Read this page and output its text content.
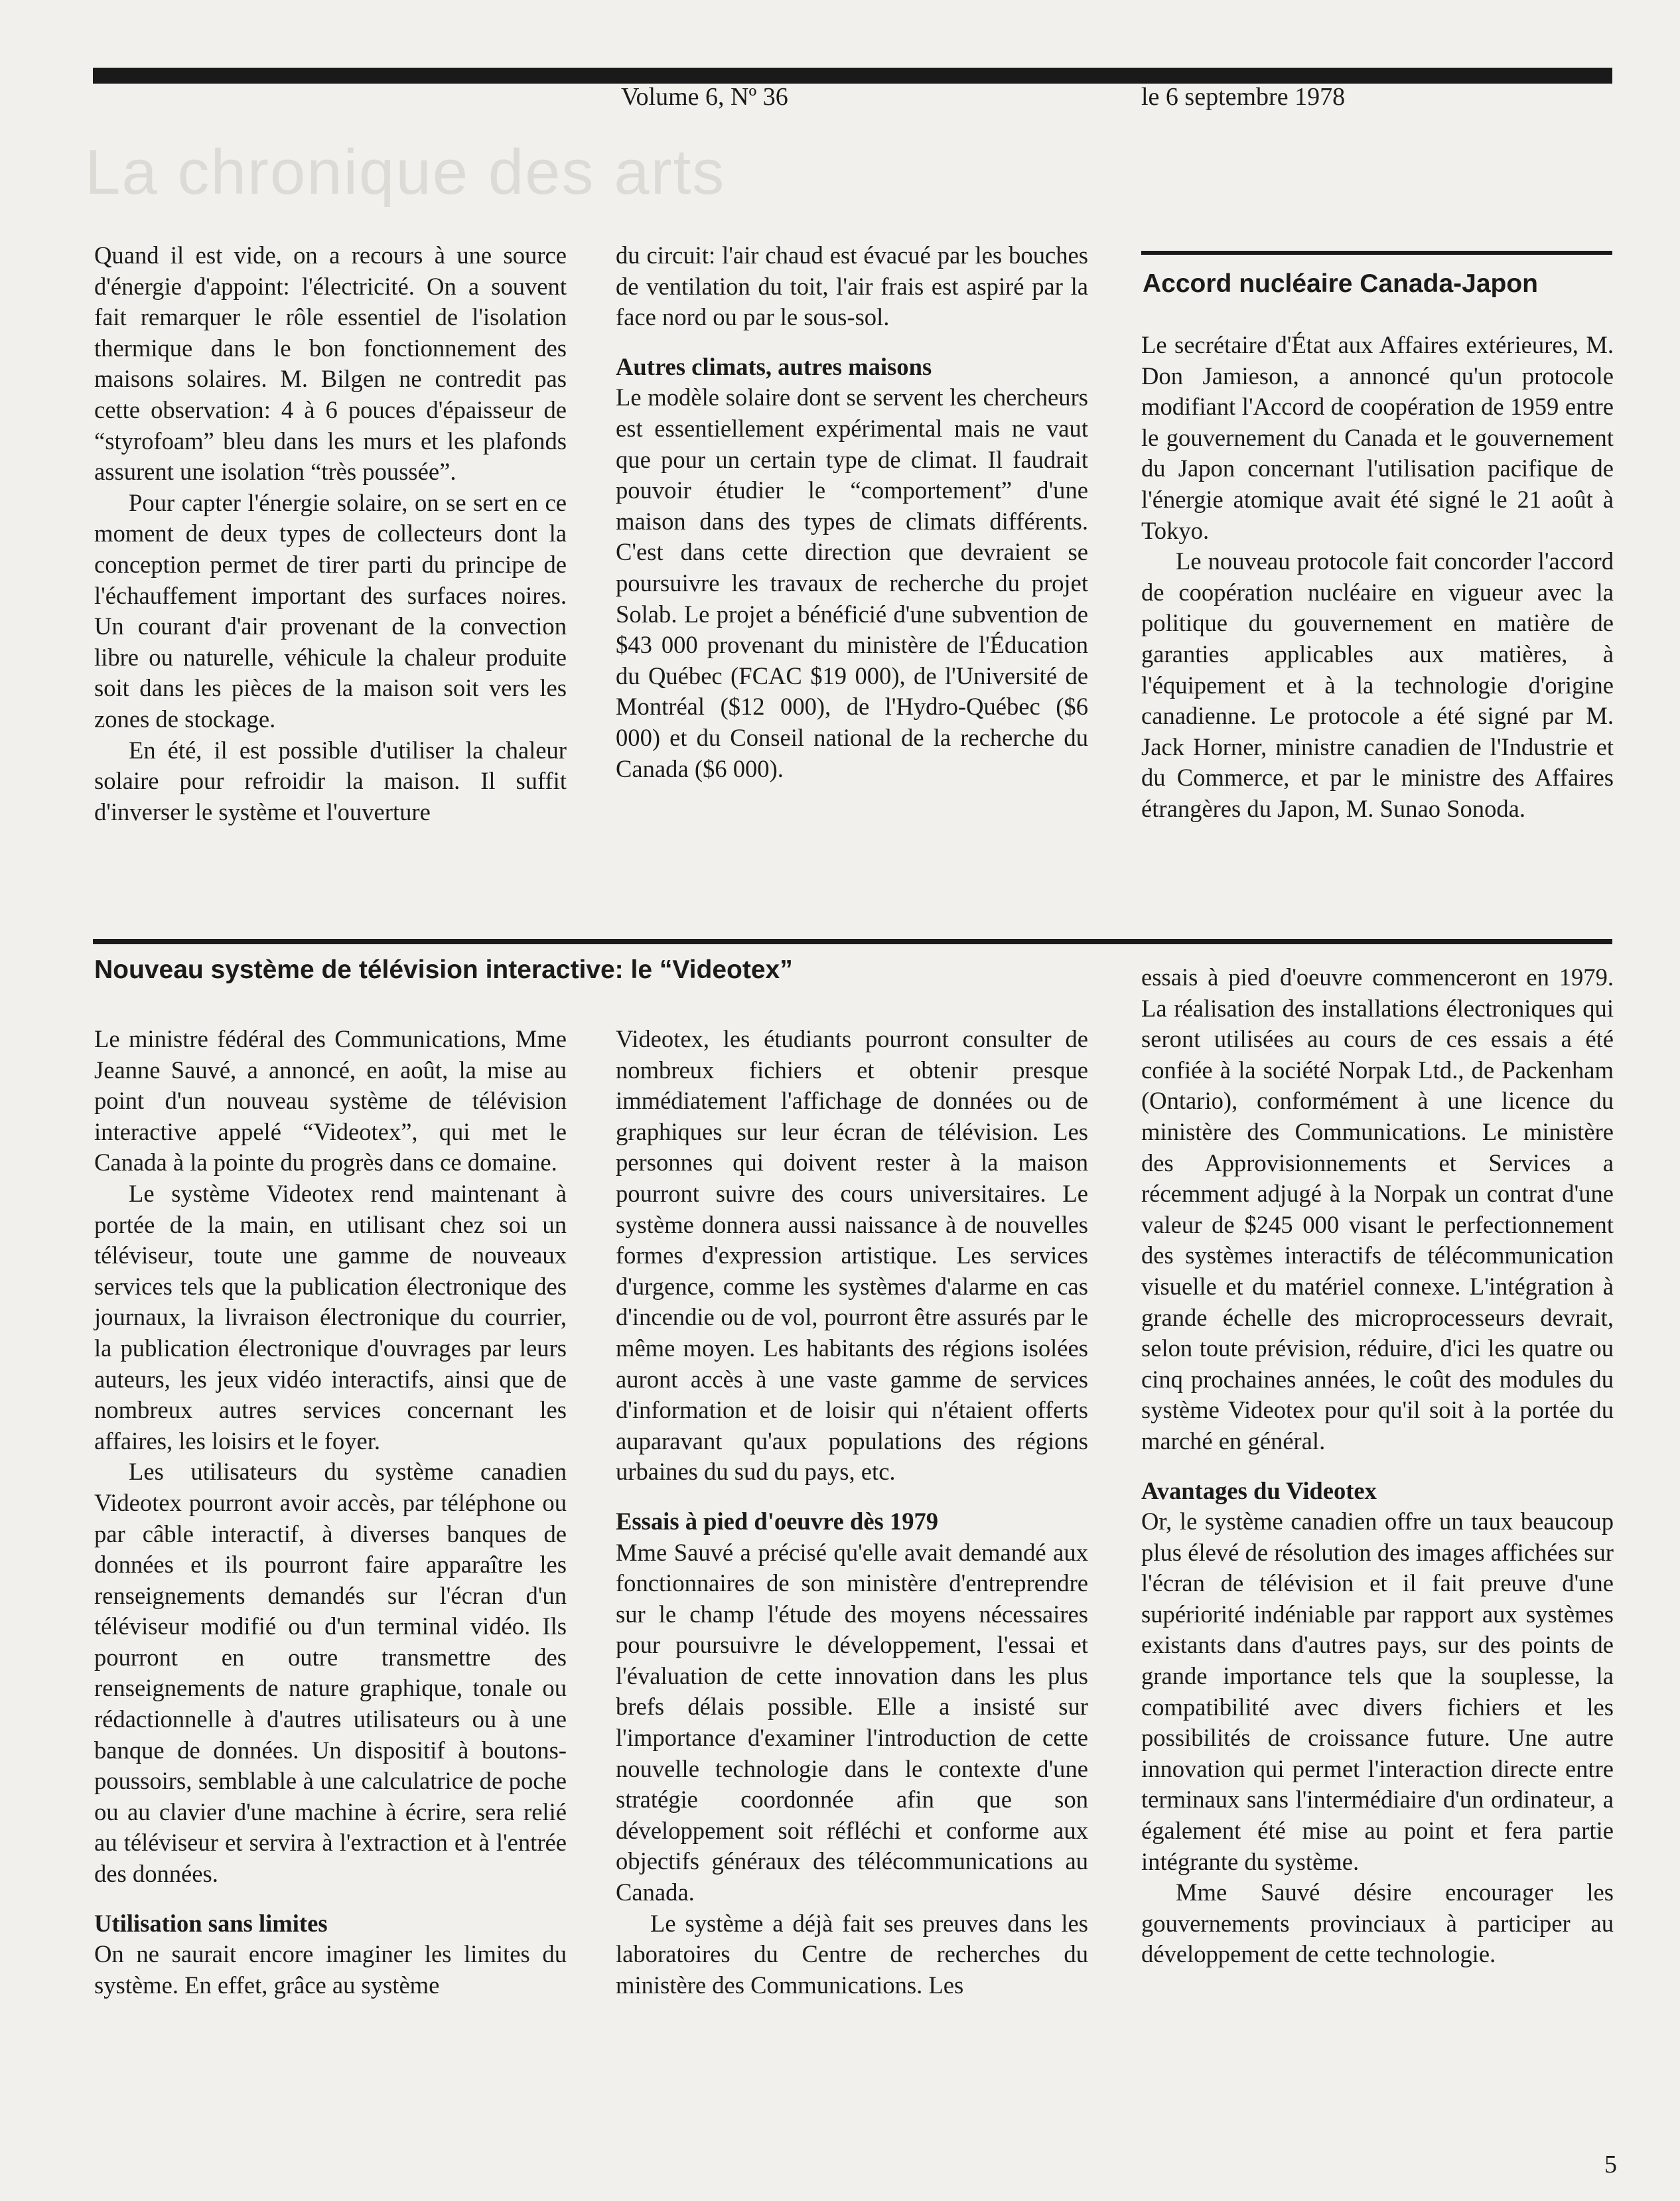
La chronique des arts
Volume 6, Nº 36	le 6 septembre 1978

Quand il est vide, on a recours à une source d'énergie d'appoint: l'électricité. On a souvent fait remarquer le rôle essentiel de l'isolation thermique dans le bon fonctionnement des maisons solaires. M. Bilgen ne contredit pas cette observation: 4 à 6 pouces d'épaisseur de “styrofoam” bleu dans les murs et les plafonds assurent une isolation “très poussée”.

Pour capter l'énergie solaire, on se sert en ce moment de deux types de collecteurs dont la conception permet de tirer parti du principe de l'échauffement important des surfaces noires. Un courant d'air provenant de la convection libre ou naturelle, véhicule la chaleur produite soit dans les pièces de la maison soit vers les zones de stockage.

En été, il est possible d'utiliser la chaleur solaire pour refroidir la maison. Il suffit d'inverser le système et l'ouverture

du circuit: l'air chaud est évacué par les bouches de ventilation du toit, l'air frais est aspiré par la face nord ou par le sous-sol.

Autres climats, autres maisons

Le modèle solaire dont se servent les chercheurs est essentiellement expérimental mais ne vaut que pour un certain type de climat. Il faudrait pouvoir étudier le “comportement” d'une maison dans des types de climats différents. C'est dans cette direction que devraient se poursuivre les travaux de recherche du projet Solab. Le projet a bénéficié d'une subvention de $43 000 provenant du ministère de l'Éducation du Québec (FCAC $19 000), de l'Université de Montréal ($12 000), de l'Hydro-Québec ($6 000) et du Conseil national de la recherche du Canada ($6 000).

Accord nucléaire Canada-Japon

Le secrétaire d'État aux Affaires extérieures, M. Don Jamieson, a annoncé qu'un protocole modifiant l'Accord de coopération de 1959 entre le gouvernement du Canada et le gouvernement du Japon concernant l'utilisation pacifique de l'énergie atomique avait été signé le 21 août à Tokyo.

Le nouveau protocole fait concorder l'accord de coopération nucléaire en vigueur avec la politique du gouvernement en matière de garanties applicables aux matières, à l'équipement et à la technologie d'origine canadienne. Le protocole a été signé par M. Jack Horner, ministre canadien de l'Industrie et du Commerce, et par le ministre des Affaires étrangères du Japon, M. Sunao Sonoda.

Nouveau système de télévision interactive: le “Videotex”

Le ministre fédéral des Communications, Mme Jeanne Sauvé, a annoncé, en août, la mise au point d'un nouveau système de télévision interactive appelé “Videotex”, qui met le Canada à la pointe du progrès dans ce domaine.

Le système Videotex rend maintenant à portée de la main, en utilisant chez soi un téléviseur, toute une gamme de nouveaux services tels que la publication électronique des journaux, la livraison électronique du courrier, la publication électronique d'ouvrages par leurs auteurs, les jeux vidéo interactifs, ainsi que de nombreux autres services concernant les affaires, les loisirs et le foyer.

Les utilisateurs du système canadien Videotex pourront avoir accès, par téléphone ou par câble interactif, à diverses banques de données et ils pourront faire apparaître les renseignements demandés sur l'écran d'un téléviseur modifié ou d'un terminal vidéo. Ils pourront en outre transmettre des renseignements de nature graphique, tonale ou rédactionnelle à d'autres utilisateurs ou à une banque de données. Un dispositif à boutons-poussoirs, semblable à une calculatrice de poche ou au clavier d'une machine à écrire, sera relié au téléviseur et servira à l'extraction et à l'entrée des données.

Utilisation sans limites

On ne saurait encore imaginer les limites du système. En effet, grâce au système

Videotex, les étudiants pourront consulter de nombreux fichiers et obtenir presque immédiatement l'affichage de données ou de graphiques sur leur écran de télévision. Les personnes qui doivent rester à la maison pourront suivre des cours universitaires. Le système donnera aussi naissance à de nouvelles formes d'expression artistique. Les services d'urgence, comme les systèmes d'alarme en cas d'incendie ou de vol, pourront être assurés par le même moyen. Les habitants des régions isolées auront accès à une vaste gamme de services d'information et de loisir qui n'étaient offerts auparavant qu'aux populations des régions urbaines du sud du pays, etc.

Essais à pied d'oeuvre dès 1979

Mme Sauvé a précisé qu'elle avait demandé aux fonctionnaires de son ministère d'entreprendre sur le champ l'étude des moyens nécessaires pour poursuivre le développement, l'essai et l'évaluation de cette innovation dans les plus brefs délais possible. Elle a insisté sur l'importance d'examiner l'introduction de cette nouvelle technologie dans le contexte d'une stratégie coordonnée afin que son développement soit réfléchi et conforme aux objectifs généraux des télécommunications au Canada.

Le système a déjà fait ses preuves dans les laboratoires du Centre de recherches du ministère des Communications. Les

essais à pied d'oeuvre commenceront en 1979. La réalisation des installations électroniques qui seront utilisées au cours de ces essais a été confiée à la société Norpak Ltd., de Packenham (Ontario), conformément à une licence du ministère des Communications. Le ministère des Approvisionnements et Services a récemment adjugé à la Norpak un contrat d'une valeur de $245 000 visant le perfectionnement des systèmes interactifs de télécommunication visuelle et du matériel connexe. L'intégration à grande échelle des microprocesseurs devrait, selon toute prévision, réduire, d'ici les quatre ou cinq prochaines années, le coût des modules du système Videotex pour qu'il soit à la portée du marché en général.

Avantages du Videotex

Or, le système canadien offre un taux beaucoup plus élevé de résolution des images affichées sur l'écran de télévision et il fait preuve d'une supériorité indéniable par rapport aux systèmes existants dans d'autres pays, sur des points de grande importance tels que la souplesse, la compatibilité avec divers fichiers et les possibilités de croissance future. Une autre innovation qui permet l'interaction directe entre terminaux sans l'intermédiaire d'un ordinateur, a également été mise au point et fera partie intégrante du système.

Mme Sauvé désire encourager les gouvernements provinciaux à participer au développement de cette technologie.

5
